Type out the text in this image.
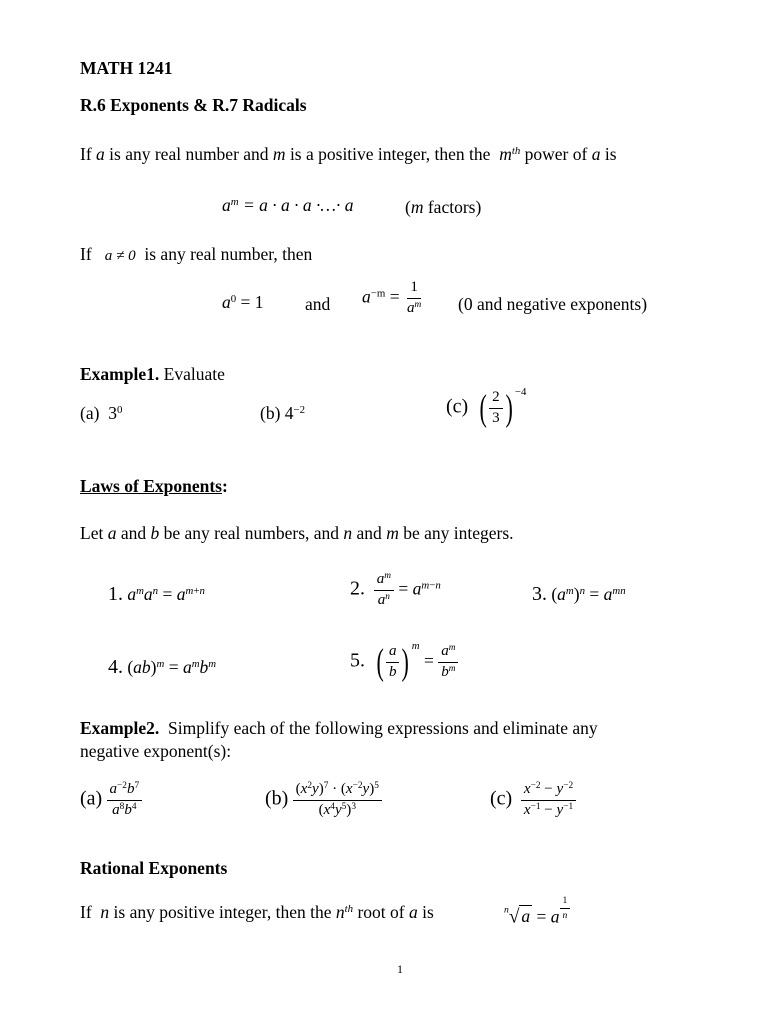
MATH 1241
R.6 Exponents & R.7 Radicals
If a is any real number and m is a positive integer, then the $m^{th}$ power of a is
$a^m = a \cdot a \cdot a$ ·…· a	(m factors)
If a ≠ 0 is any real number, then
$a^0 = 1$ and $a^{-m} = \frac{1}{a^m} (0$ and negative exponents)
Example1. Evaluate
(a) $3^0$	(b) $4^{-2}$	(c) ( $\frac{2}{3}$ ) $^{-4}$
Laws of Exponents:
Let a and b be any real numbers, and n and m be any integers.
1. $a^ma^n = a^{m+n}$	2. $\frac{a^m}{a^n} = a^{m-n}$	3. $(a^m)^n = a^{mn}$
4. $(ab)^m = a^mb^m$	5. ( $\frac{a}{b}$ ) $^m = \frac{a^m}{b^m}$
Example2. Simplify each of the following expressions and eliminate any
negative exponent(s):
$(a) \frac{a^{-2}b^7}{a^8b^4}$	$(b) \frac{(x^2y)^7 \cdot (x^{-2}y)^5}{(x^4y^5)^3}$	$(c) \frac{x^{-2} - y^{-2}}{x^{-1} - y^{-1}}$
Rational Exponents
If n is any positive integer, then the $n^{th}$ root of a is	$^n$√ a = a $^{\frac{1}{n}}$
1
